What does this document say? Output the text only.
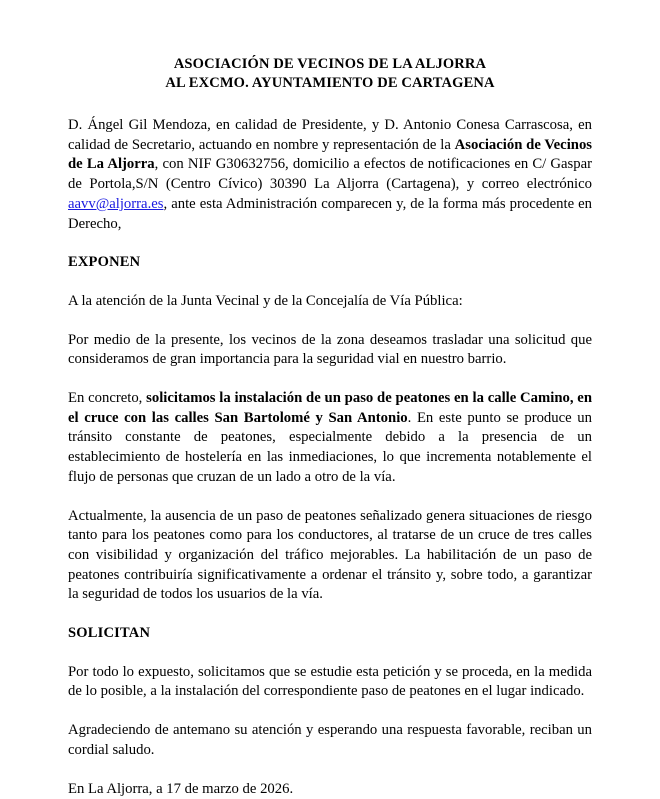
ASOCIACIÓN DE VECINOS DE LA ALJORRA
AL EXCMO. AYUNTAMIENTO DE CARTAGENA

D. Ángel Gil Mendoza, en calidad de Presidente, y D. Antonio Conesa Carrascosa, en calidad de Secretario, actuando en nombre y representación de la Asociación de Vecinos de La Aljorra, con NIF G30632756, domicilio a efectos de notificaciones en C/ Gaspar de Portola,S/N (Centro Cívico) 30390 La Aljorra (Cartagena), y correo electrónico aavv@aljorra.es, ante esta Administración comparecen y, de la forma más procedente en Derecho,

EXPONEN

A la atención de la Junta Vecinal y de la Concejalía de Vía Pública:

Por medio de la presente, los vecinos de la zona deseamos trasladar una solicitud que consideramos de gran importancia para la seguridad vial en nuestro barrio.

En concreto, solicitamos la instalación de un paso de peatones en la calle Camino, en el cruce con las calles San Bartolomé y San Antonio. En este punto se produce un tránsito constante de peatones, especialmente debido a la presencia de un establecimiento de hostelería en las inmediaciones, lo que incrementa notablemente el flujo de personas que cruzan de un lado a otro de la vía.

Actualmente, la ausencia de un paso de peatones señalizado genera situaciones de riesgo tanto para los peatones como para los conductores, al tratarse de un cruce de tres calles con visibilidad y organización del tráfico mejorables. La habilitación de un paso de peatones contribuiría significativamente a ordenar el tránsito y, sobre todo, a garantizar la seguridad de todos los usuarios de la vía.

SOLICITAN

Por todo lo expuesto, solicitamos que se estudie esta petición y se proceda, en la medida de lo posible, a la instalación del correspondiente paso de peatones en el lugar indicado.

Agradeciendo de antemano su atención y esperando una respuesta favorable, reciban un cordial saludo.

En La Aljorra, a 17 de marzo de 2026.
